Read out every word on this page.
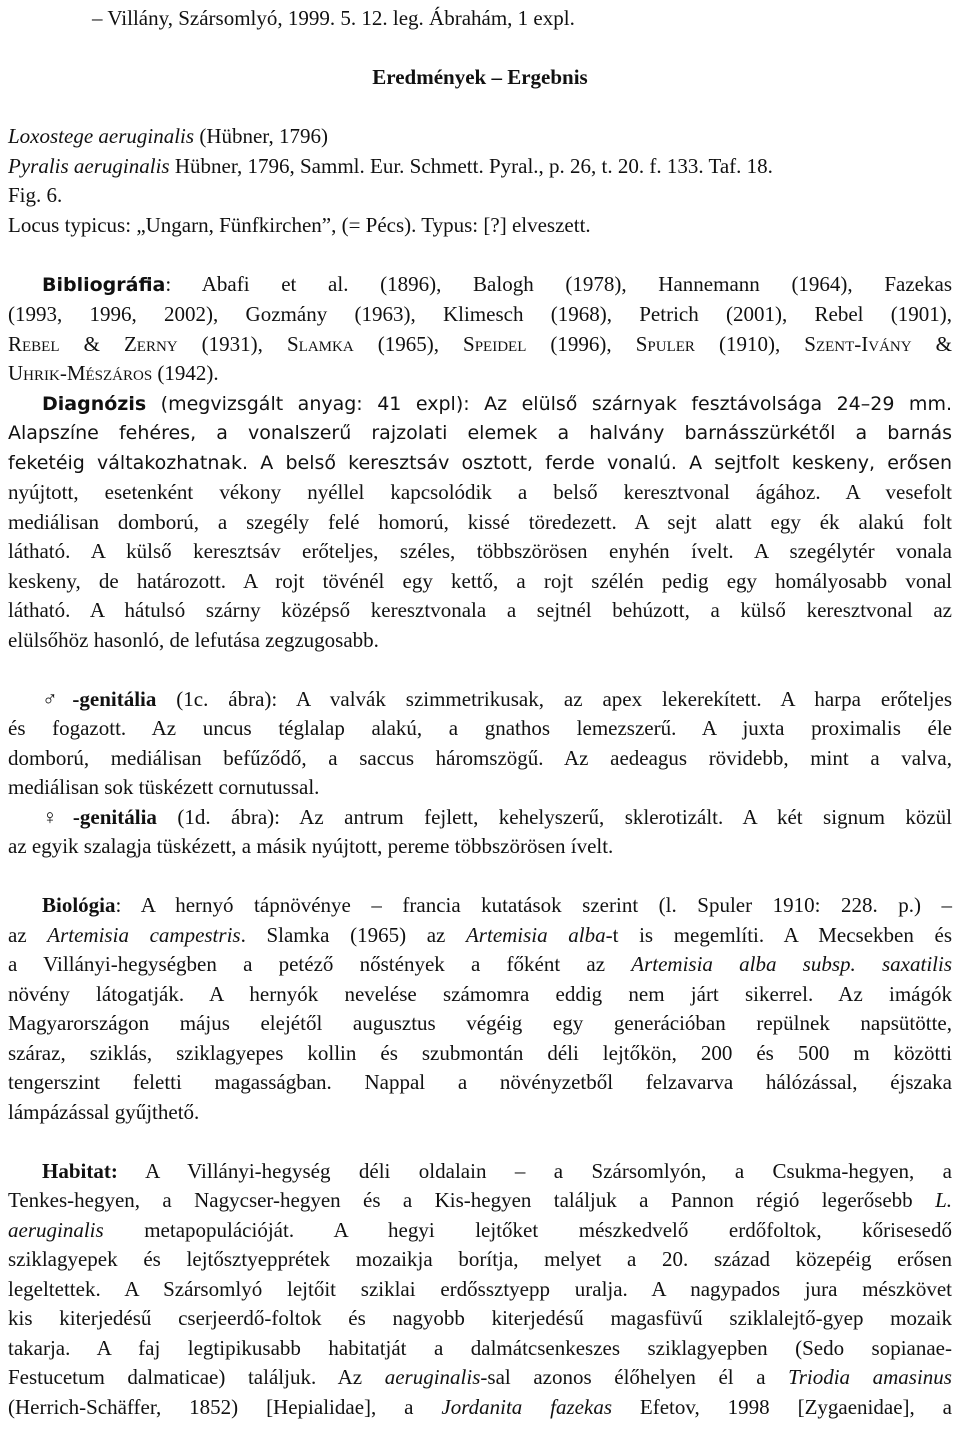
– Villány, Szársomlyó, 1999. 5. 12. leg. Ábrahám, 1 expl.
Eredmények – Ergebnis
Loxostege aeruginalis (Hübner, 1796)
Pyralis aeruginalis Hübner, 1796, Samml. Eur. Schmett. Pyral., p. 26, t. 20. f. 133. Taf. 18.
Fig. 6.
Locus typicus: „Ungarn, Fünfkirchen”, (= Pécs). Typus: [?] elveszett.
Bibliográfia: Abafi et al. (1896), Balogh (1978), Hannemann (1964), Fazekas
(1993, 1996, 2002), Gozmány (1963), Klimesch (1968), Petrich (2001), Rebel (1901),
Rebel & Zerny (1931), Slamka (1965), Speidel (1996), Spuler (1910), Szent-Ivány &
Uhrik-Mészáros (1942).
Diagnózis (megvizsgált anyag: 41 expl): Az elülső szárnyak fesztávolsága 24–29 mm.
Alapszíne fehéres, a vonalszerű rajzolati elemek a halvány barnásszürkétől a barnás
feketéig váltakozhatnak. A belső keresztsáv osztott, ferde vonalú. A sejtfolt keskeny, erősen
nyújtott, esetenként vékony nyéllel kapcsolódik a belső keresztvonal ágához. A vesefolt
mediálisan domború, a szegély felé homorú, kissé töredezett. A sejt alatt egy ék alakú folt
látható. A külső keresztsáv erőteljes, széles, többszörösen enyhén ívelt. A szegélytér vonala
keskeny, de határozott. A rojt tövénél egy kettő, a rojt szélén pedig egy homályosabb vonal
látható. A hátulsó szárny középső keresztvonala a sejtnél behúzott, a külső keresztvonal az
elülsőhöz hasonló, de lefutása zegzugosabb.
♂-genitália (1c. ábra): A valvák szimmetrikusak, az apex lekerekített. A harpa erőteljes
és fogazott. Az uncus téglalap alakú, a gnathos lemezszerű. A juxta proximalis éle
domború, mediálisan befűződő, a saccus háromszögű. Az aedeagus rövidebb, mint a valva,
mediálisan sok tüskézett cornutussal.
♀-genitália (1d. ábra): Az antrum fejlett, kehelyszerű, sklerotizált. A két signum közül
az egyik szalagja tüskézett, a másik nyújtott, pereme többszörösen ívelt.
Biológia: A hernyó tápnövénye – francia kutatások szerint (l. Spuler 1910: 228. p.) –
az Artemisia campestris. Slamka (1965) az Artemisia alba-t is megemlíti. A Mecsekben és
a Villányi-hegységben a petéző nőstények a főként az Artemisia alba subsp. saxatilis
növény látogatják. A hernyók nevelése számomra eddig nem járt sikerrel. Az imágók
Magyarországon május elejétől augusztus végéig egy generációban repülnek napsütötte,
száraz, sziklás, sziklagyepes kollin és szubmontán déli lejtőkön, 200 és 500 m közötti
tengerszint feletti magasságban. Nappal a növényzetből felzavarva hálózással, éjszaka
lámpázással gyűjthető.
Habitat: A Villányi-hegység déli oldalain – a Szársomlyón, a Csukma-hegyen, a
Tenkes-hegyen, a Nagycser-hegyen és a Kis-hegyen találjuk a Pannon régió legerősebb L.
aeruginalis metapopulációját. A hegyi lejtőket mészkedvelő erdőfoltok, kőrisesedő
sziklagyepek és lejtősztyepprétek mozaikja borítja, melyet a 20. század közepéig erősen
legeltettek. A Szársomlyó lejtőit sziklai erdőssztyepp uralja. A nagypados jura mészkövet
kis kiterjedésű cserjeerdő-foltok és nagyobb kiterjedésű magasfüvű sziklalejtő-gyep mozaik
takarja. A faj legtipikusabb habitatját a dalmátcsenkeszes sziklagyepben (Sedo sopianae-
Festucetum dalmaticae) találjuk. Az aeruginalis-sal azonos élőhelyen él a Triodia amasinus
(Herrich-Schäffer, 1852) [Hepialidae], a Jordanita fazekas Efetov, 1998 [Zygaenidae], a
